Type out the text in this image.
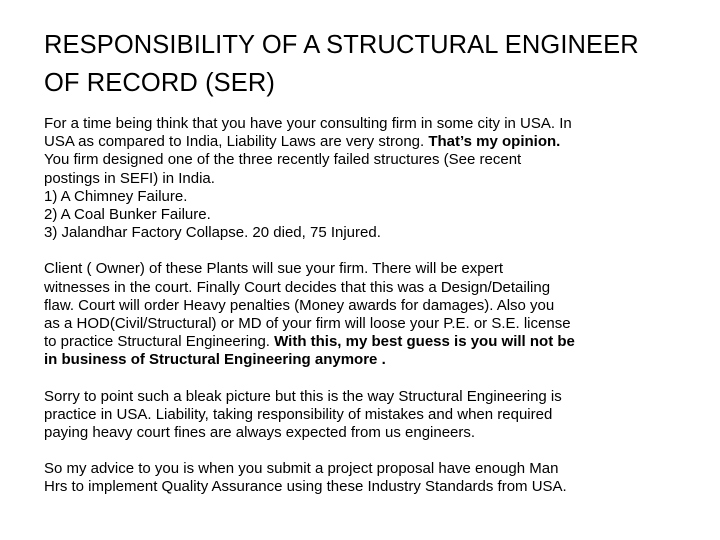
RESPONSIBILITY OF A STRUCTURAL ENGINEER
OF RECORD (SER)
For a time being think that you have your consulting firm in some city in USA. In
USA as compared to India, Liability Laws are very strong. That’s my opinion.
You firm designed one of the three recently failed structures (See recent
postings in SEFI) in India.
1) A Chimney Failure.
2) A Coal Bunker Failure.
3) Jalandhar Factory Collapse. 20 died, 75 Injured.
Client ( Owner) of these Plants will sue your firm. There will be expert
witnesses in the court. Finally Court decides that this was a Design/Detailing
flaw. Court will order Heavy penalties (Money awards for damages). Also you
as a HOD(Civil/Structural) or MD of your firm will loose your P.E. or S.E. license
to practice Structural Engineering. With this, my best guess is you will not be
in business of Structural Engineering anymore .
Sorry to point such a bleak picture but this is the way Structural Engineering is
practice in USA. Liability, taking responsibility of mistakes and when required
paying heavy court fines are always expected from us engineers.
So my advice to you is when you submit a project proposal have enough Man
Hrs to implement Quality Assurance using these Industry Standards from USA.
